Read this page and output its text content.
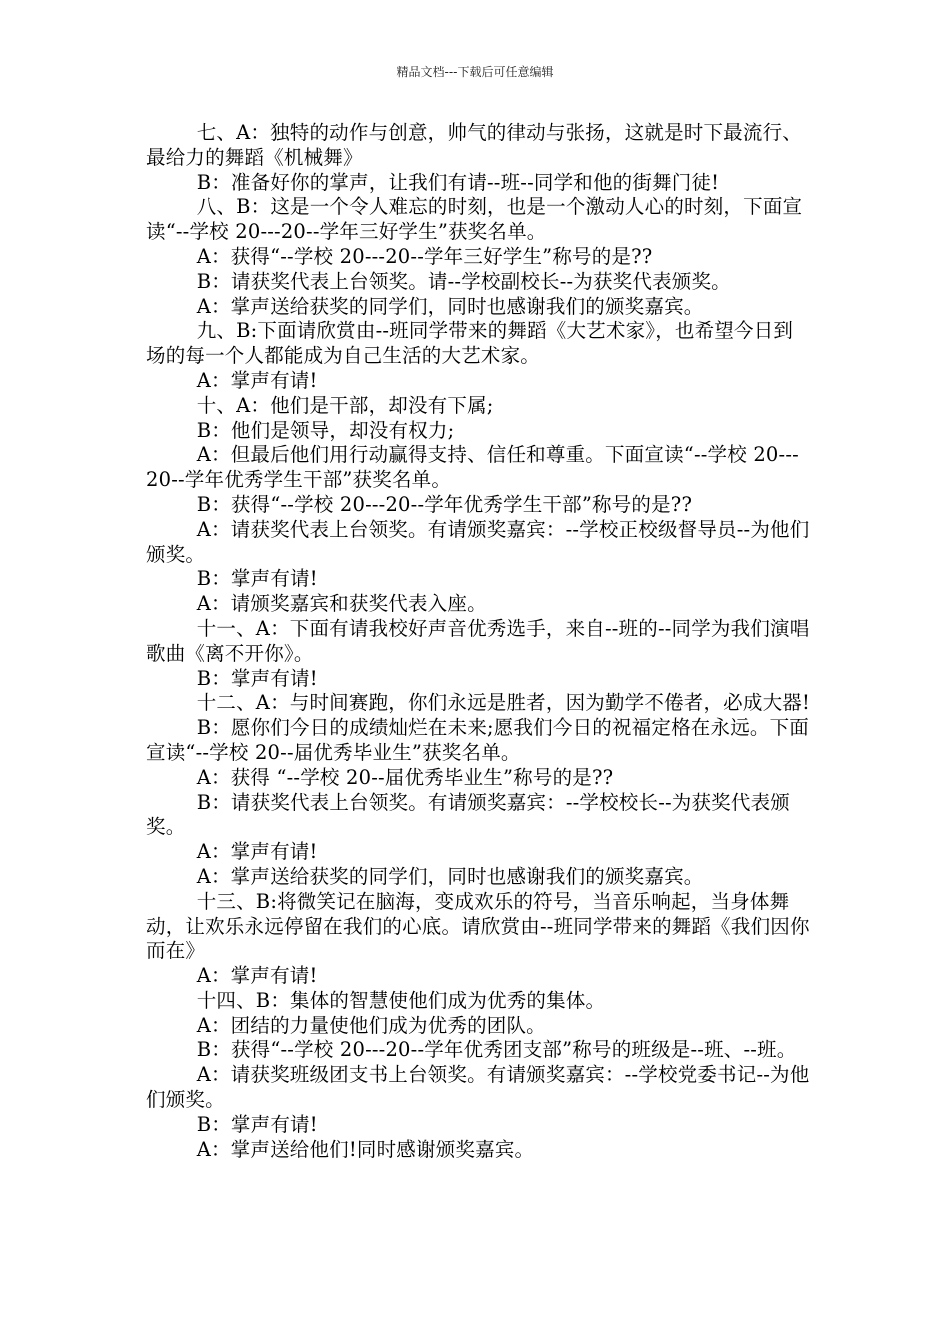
精品文档---下载后可任意编辑

七、A：独特的动作与创意，帅气的律动与张扬，这就是时下最流行、最给力的舞蹈《机械舞》

B：准备好你的掌声，让我们有请--班--同学和他的街舞门徒!

八、B：这是一个令人难忘的时刻，也是一个激动人心的时刻，下面宣读“--学校 20---20--学年三好学生”获奖名单。

A：获得“--学校 20---20--学年三好学生”称号的是??

B：请获奖代表上台领奖。请--学校副校长--为获奖代表颁奖。

A：掌声送给获奖的同学们，同时也感谢我们的颁奖嘉宾。

九、B:下面请欣赏由--班同学带来的舞蹈《大艺术家》，也希望今日到场的每一个人都能成为自己生活的大艺术家。

A：掌声有请!

十、A：他们是干部，却没有下属;

B：他们是领导，却没有权力;

A：但最后他们用行动赢得支持、信任和尊重。下面宣读“--学校 20---20--学年优秀学生干部”获奖名单。

B：获得“--学校 20---20--学年优秀学生干部”称号的是??

A：请获奖代表上台领奖。有请颁奖嘉宾：--学校正校级督导员--为他们颁奖。

B：掌声有请!

A：请颁奖嘉宾和获奖代表入座。

十一、A：下面有请我校好声音优秀选手，来自--班的--同学为我们演唱歌曲《离不开你》。

B：掌声有请!

十二、A：与时间赛跑，你们永远是胜者，因为勤学不倦者，必成大器!

B：愿你们今日的成绩灿烂在未来;愿我们今日的祝福定格在永远。下面宣读“--学校 20--届优秀毕业生”获奖名单。

A：获得 “--学校 20--届优秀毕业生”称号的是??

B：请获奖代表上台领奖。有请颁奖嘉宾：--学校校长--为获奖代表颁奖。

A：掌声有请!

A：掌声送给获奖的同学们，同时也感谢我们的颁奖嘉宾。

十三、B:将微笑记在脑海，变成欢乐的符号，当音乐响起，当身体舞动，让欢乐永远停留在我们的心底。请欣赏由--班同学带来的舞蹈《我们因你而在》

A：掌声有请!

十四、B：集体的智慧使他们成为优秀的集体。

A：团结的力量使他们成为优秀的团队。

B：获得“--学校 20---20--学年优秀团支部”称号的班级是--班、--班。

A：请获奖班级团支书上台领奖。有请颁奖嘉宾：--学校党委书记--为他们颁奖。

B：掌声有请!

A：掌声送给他们!同时感谢颁奖嘉宾。
